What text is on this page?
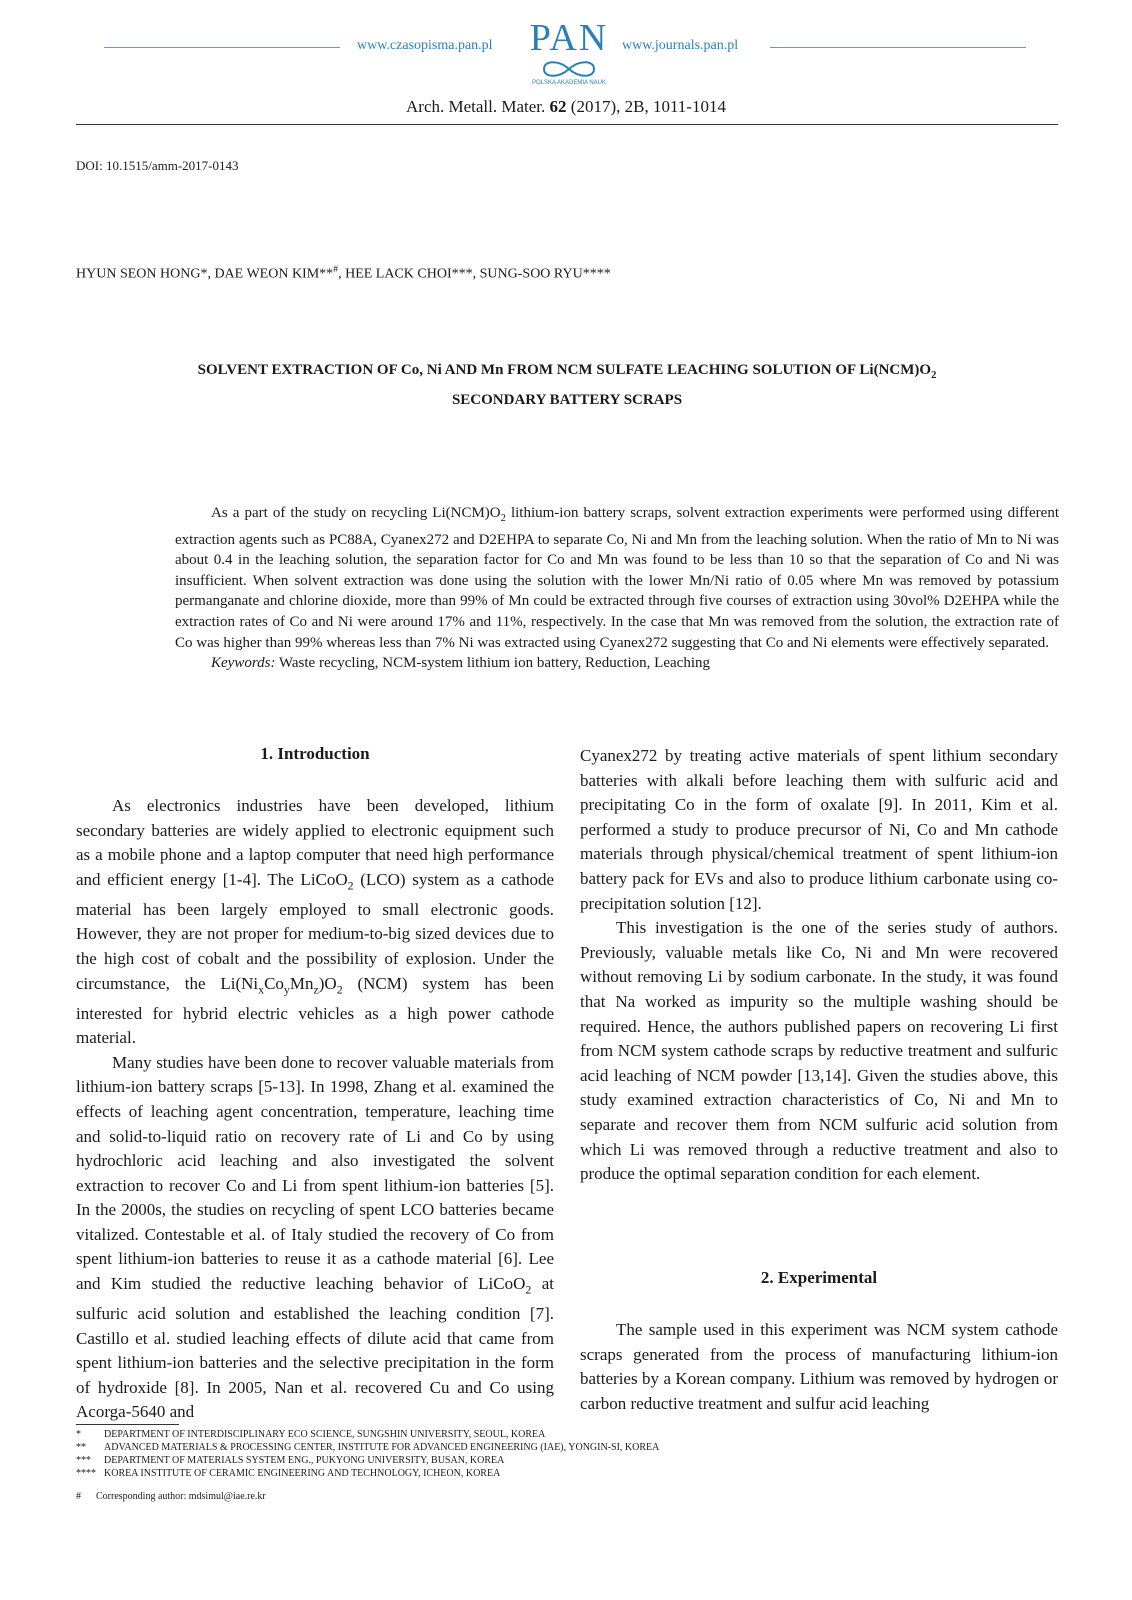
www.czasopisma.pan.pl PAN
POLSKA AKADEMIA NAUK
www.journals.pan.pl
Arch. Metall. Mater. 62 (2017), 2B, 1011-1014
DOI: 10.1515/amm-2017-0143
HYUN SEON HONG*, DAE WEON KIM**#, HEE LACK CHOI***, SUNG-SOO RYU****
SOLVENT EXTRACTION OF Co, Ni AND Mn FROM NCM SULFATE LEACHING SOLUTION OF $Li(NCM)O_2$
SECONDARY BATTERY SCRAPS

As a part of the study on recycling $Li(NCM)O_2$ lithium-ion battery scraps, solvent extraction experiments were performed using different extraction agents such as PC88A, Cyanex272 and D2EHPA to separate Co, Ni and Mn from the leaching solution. When the ratio of Mn to Ni was about 0.4 in the leaching solution, the separation factor for Co and Mn was found to be less than 10 so that the separation of Co and Ni was insufficient. When solvent extraction was done using the solution with the lower Mn/Ni ratio of 0.05 where Mn was removed by potassium permanganate and chlorine dioxide, more than 99% of Mn could be extracted through five courses of extraction using 30vol% D2EHPA while the extraction rates of Co and Ni were around 17% and 11%, respectively. In the case that Mn was removed from the solution, the extraction rate of Co was higher than 99% whereas less than 7% Ni was extracted using Cyanex272 suggesting that Co and Ni elements were effectively separated.

Keywords: Waste recycling, NCM-system lithium ion battery, Reduction, Leaching

1. Introduction

As electronics industries have been developed, lithium secondary batteries are widely applied to electronic equipment such as a mobile phone and a laptop computer that need high performance and efficient energy [1-4]. The LiCoO$_2$ (LCO) system as a cathode material has been largely employed to small electronic goods. However, they are not proper for medium-to-big sized devices due to the high cost of cobalt and the possibility of explosion. Under the circumstance, the $Li(Ni_xCo_yMn_z)O_2$ (NCM) system has been interested for hybrid electric vehicles as a high power cathode material.

Many studies have been done to recover valuable materials from lithium-ion battery scraps [5-13]. In 1998, Zhang et al. examined the effects of leaching agent concentration, temperature, leaching time and solid-to-liquid ratio on recovery rate of Li and Co by using hydrochloric acid leaching and also investigated the solvent extraction to recover Co and Li from spent lithium-ion batteries [5]. In the 2000s, the studies on recycling of spent LCO batteries became vitalized. Contestable et al. of Italy studied the recovery of Co from spent lithium-ion batteries to reuse it as a cathode material [6]. Lee and Kim studied the reductive leaching behavior of LiCoO$_2$ at sulfuric acid solution and established the leaching condition [7]. Castillo et al. studied leaching effects of dilute acid that came from spent lithium-ion batteries and the selective precipitation in the form of hydroxide [8]. In 2005, Nan et al. recovered Cu and Co using Acorga-5640 and

Cyanex272 by treating active materials of spent lithium secondary batteries with alkali before leaching them with sulfuric acid and precipitating Co in the form of oxalate [9]. In 2011, Kim et al. performed a study to produce precursor of Ni, Co and Mn cathode materials through physical/chemical treatment of spent lithium-ion battery pack for EVs and also to produce lithium carbonate using co-precipitation solution [12].

This investigation is the one of the series study of authors. Previously, valuable metals like Co, Ni and Mn were recovered without removing Li by sodium carbonate. In the study, it was found that Na worked as impurity so the multiple washing should be required. Hence, the authors published papers on recovering Li first from NCM system cathode scraps by reductive treatment and sulfuric acid leaching of NCM powder [13,14]. Given the studies above, this study examined extraction characteristics of Co, Ni and Mn to separate and recover them from NCM sulfuric acid solution from which Li was removed through a reductive treatment and also to produce the optimal separation condition for each element.

2. Experimental

The sample used in this experiment was NCM system cathode scraps generated from the process of manufacturing lithium-ion batteries by a Korean company. Lithium was removed by hydrogen or carbon reductive treatment and sulfur acid leaching

* DEPARTMENT OF INTERDISCIPLINARY ECO SCIENCE, SUNGSHIN UNIVERSITY, SEOUL, KOREA
** ADVANCED MATERIALS & PROCESSING CENTER, INSTITUTE FOR ADVANCED ENGINEERING (IAE), YONGIN-SI, KOREA
*** DEPARTMENT OF MATERIALS SYSTEM ENG., PUKYONG UNIVERSITY, BUSAN, KOREA
**** KOREA INSTITUTE OF CERAMIC ENGINEERING AND TECHNOLOGY, ICHEON, KOREA
# Corresponding author: mdsimul@iae.re.kr
